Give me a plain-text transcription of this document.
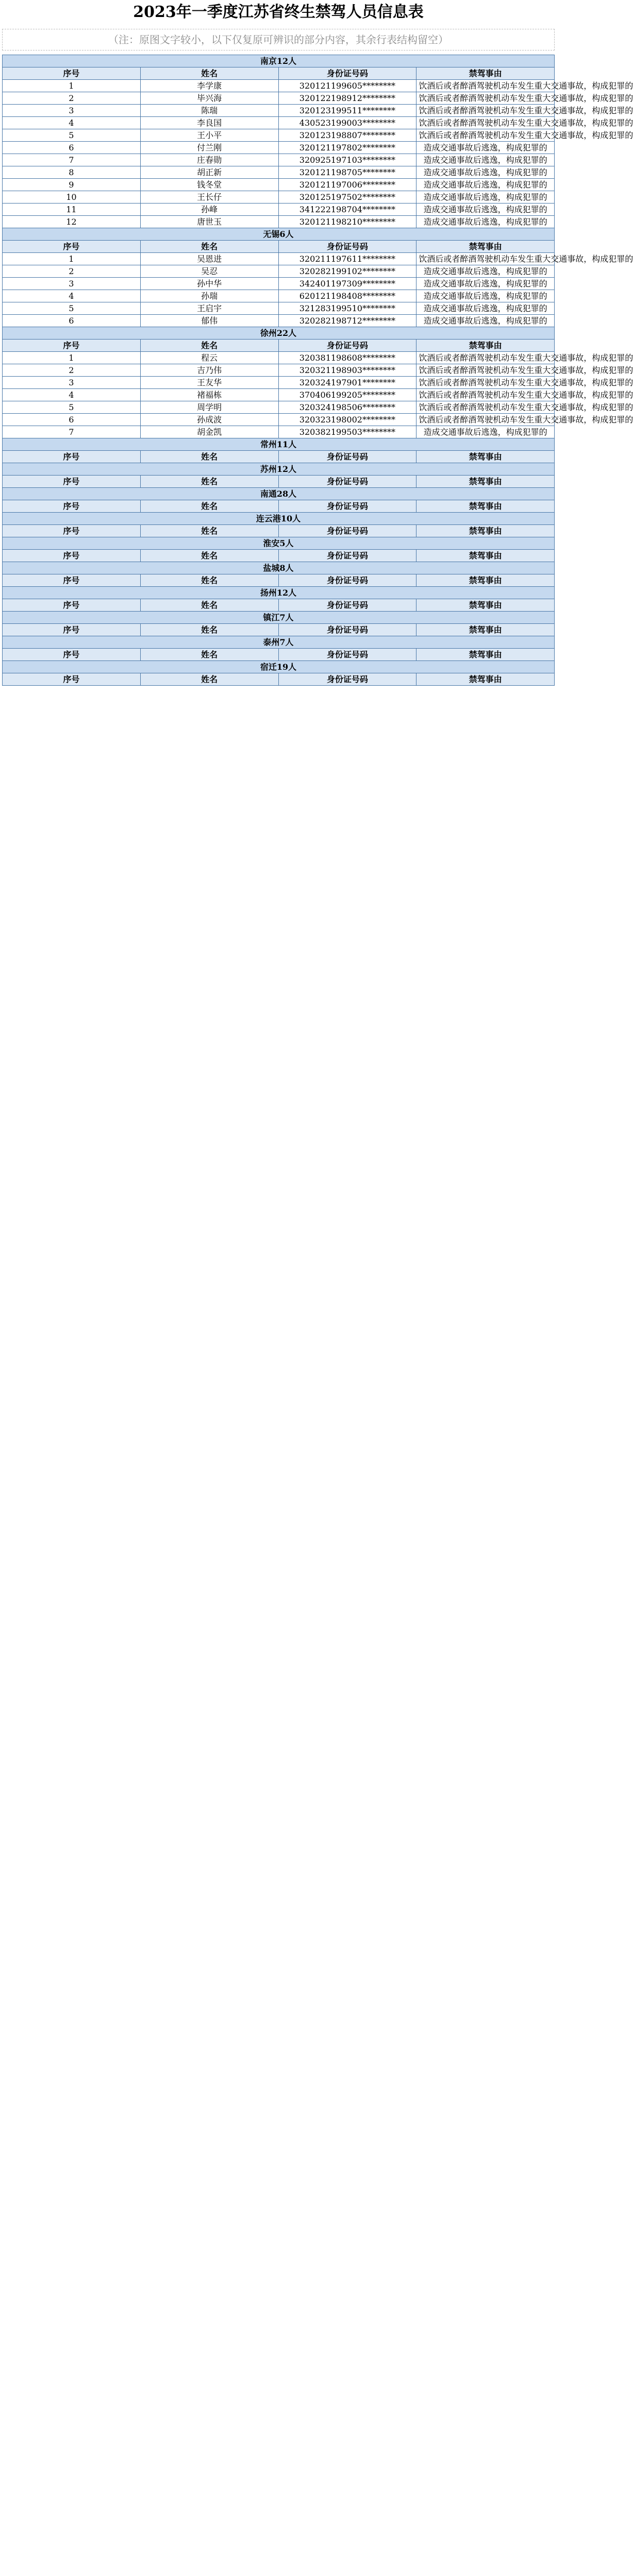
2023年一季度江苏省终生禁驾人员信息表
（注：原图文字较小，以下仅复原可辨识的部分内容，其余行表结构留空）
南京12人			
序号	姓名	身份证号码	禁驾事由
1	李学康	320121199605********	饮酒后或者醉酒驾驶机动车发生重大交通事故，构成犯罪的
2	毕兴海	320122198912********	饮酒后或者醉酒驾驶机动车发生重大交通事故，构成犯罪的
3	陈瑞	320123199511********	饮酒后或者醉酒驾驶机动车发生重大交通事故，构成犯罪的
4	李良国	430523199003********	饮酒后或者醉酒驾驶机动车发生重大交通事故，构成犯罪的
5	王小平	320123198807********	饮酒后或者醉酒驾驶机动车发生重大交通事故，构成犯罪的
6	付兰刚	320121197802********	造成交通事故后逃逸，构成犯罪的
7	庄春勋	320925197103********	造成交通事故后逃逸，构成犯罪的
8	胡正新	320121198705********	造成交通事故后逃逸，构成犯罪的
9	钱冬堂	320121197006********	造成交通事故后逃逸，构成犯罪的
10	王长仔	320125197502********	造成交通事故后逃逸，构成犯罪的
11	孙峰	341222198704********	造成交通事故后逃逸，构成犯罪的
12	唐世玉	320121198210********	造成交通事故后逃逸，构成犯罪的
无锡6人			
序号	姓名	身份证号码	禁驾事由
1	吴恩进	320211197611********	饮酒后或者醉酒驾驶机动车发生重大交通事故，构成犯罪的
2	吴忍	320282199102********	造成交通事故后逃逸，构成犯罪的
3	孙中华	342401197309********	造成交通事故后逃逸，构成犯罪的
4	孙瑞	620121198408********	造成交通事故后逃逸，构成犯罪的
5	王启宇	321283199510********	造成交通事故后逃逸，构成犯罪的
6	郁伟	320282198712********	造成交通事故后逃逸，构成犯罪的
徐州22人			
序号	姓名	身份证号码	禁驾事由
1	程云	320381198608********	饮酒后或者醉酒驾驶机动车发生重大交通事故，构成犯罪的
2	吉乃伟	320321198903********	饮酒后或者醉酒驾驶机动车发生重大交通事故，构成犯罪的
3	王友华	320324197901********	饮酒后或者醉酒驾驶机动车发生重大交通事故，构成犯罪的
4	褚福栋	370406199205********	饮酒后或者醉酒驾驶机动车发生重大交通事故，构成犯罪的
5	周学明	320324198506********	饮酒后或者醉酒驾驶机动车发生重大交通事故，构成犯罪的
6	孙成波	320323198002********	饮酒后或者醉酒驾驶机动车发生重大交通事故，构成犯罪的
7	胡金凯	320382199503********	造成交通事故后逃逸，构成犯罪的
常州11人			
序号	姓名	身份证号码	禁驾事由
苏州12人			
序号	姓名	身份证号码	禁驾事由
南通28人			
序号	姓名	身份证号码	禁驾事由
连云港10人			
序号	姓名	身份证号码	禁驾事由
淮安5人			
序号	姓名	身份证号码	禁驾事由
盐城8人			
序号	姓名	身份证号码	禁驾事由
扬州12人			
序号	姓名	身份证号码	禁驾事由
镇江7人			
序号	姓名	身份证号码	禁驾事由
泰州7人			
序号	姓名	身份证号码	禁驾事由
宿迁19人			
序号	姓名	身份证号码	禁驾事由
